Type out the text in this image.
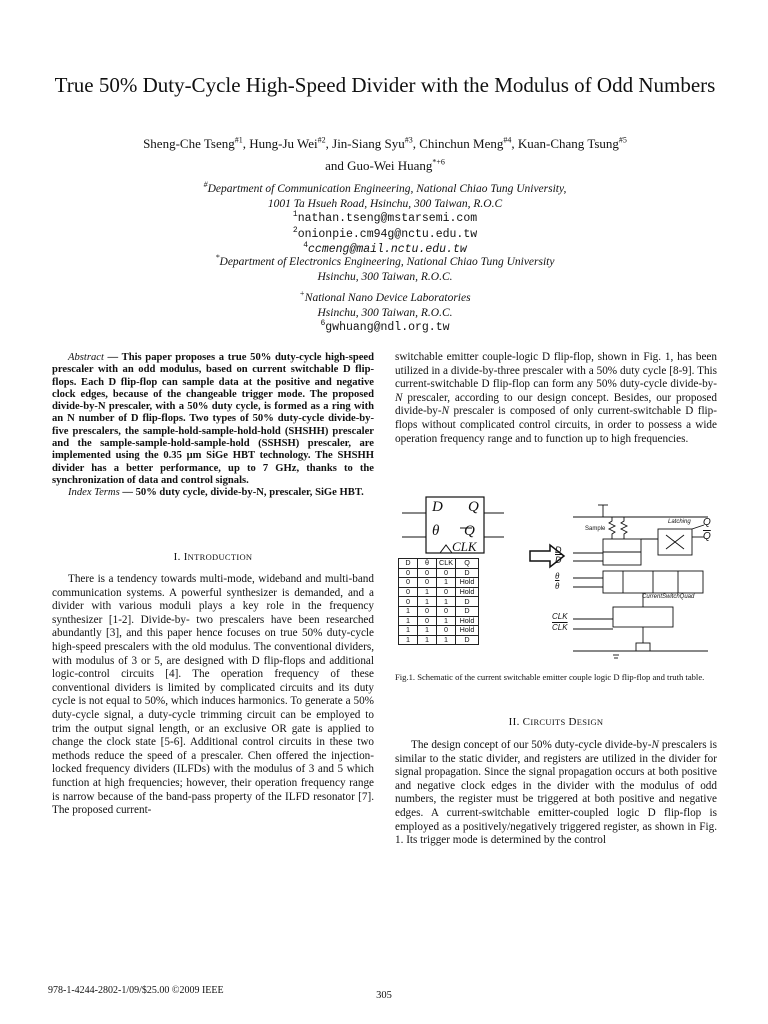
True 50% Duty-Cycle High-Speed Divider with the Modulus of Odd Numbers
Sheng-Che Tseng$^{\#1}$, Hung-Ju Wei$^{\#2}$, Jin-Siang Syu$^{\#3}$, Chinchun Meng$^{\#4}$, Kuan-Chang Tsung$^{\#5}$
and Guo-Wei Huang$^{*+6}$
#Department of Communication Engineering, National Chiao Tung University,
1001 Ta Hsueh Road, Hsinchu, 300 Taiwan, R.O.C
$^1$nathan.tseng@mstarsemi.com
$^2$onionpie.cm94g@nctu.edu.tw
$^4$ccmeng@mail.nctu.edu.tw
*Department of Electronics Engineering, National Chiao Tung University
Hsinchu, 300 Taiwan, R.O.C.
+National Nano Device Laboratories
Hsinchu, 300 Taiwan, R.O.C.
$^6$gwhuang@ndl.org.tw
Abstract — This paper proposes a true 50% duty-cycle high-speed prescaler with an odd modulus, based on current switchable D flip-flops. Each D flip-flop can sample data at the positive and negative clock edges, because of the changeable trigger mode. The proposed divide-by-N prescaler, with a 50% duty cycle, is formed as a ring with an N number of D flip-flops. Two types of 50% duty-cycle divide-by-five prescalers, the sample-hold-sample-hold-hold (SHSHH) prescaler and the sample-sample-hold-sample-hold (SSHSH) prescaler, are implemented using the 0.35 μm SiGe HBT technology. The SHSHH divider has a better performance, up to 7 GHz, thanks to the synchronization of data and control signals.
Index Terms — 50% duty cycle, divide-by-N, prescaler, SiGe HBT.
I. INTRODUCTION
There is a tendency towards multi-mode, wideband and multi-band communication systems. A powerful synthesizer is demanded, and a divider with various moduli plays a key role in the frequency synthesizer [1-2]. Divide-by- two prescalers have been researched abundantly [3], and this paper hence focuses on true 50% duty-cycle high-speed prescalers with the old modulus. The conventional dividers, with modulus of 3 or 5, are designed with D flip-flops and additional logic-control circuits [4]. The operation frequency of these conventional dividers is limited by complicated circuits and its duty cycle is not equal to 50%, which induces harmonics. To generate a 50% duty-cycle signal, a duty-cycle trimming circuit can be employed to trim the output signal length, or an exclusive OR gate is applied to change the clock state [5-6]. Additional control circuits in these two methods reduce the speed of a prescaler. Chen offered the injection-locked frequency dividers (ILFDs) with the modulus of 3 and 5 which function at high frequencies; however, their operation frequency range is narrow because of the band-pass property of the ILFD resonator [7]. The proposed current-
switchable emitter couple-logic D flip-flop, shown in Fig. 1, has been utilized in a divide-by-three prescaler with a 50% duty cycle [8-9]. This current-switchable D flip-flop can form any 50% duty-cycle divide-by-N prescaler, according to our design concept. Besides, our proposed divide-by-N prescaler is composed of only current-switchable D flip-flops without complicated control circuits, in order to possess a wide operation frequency range and to function up to high frequencies.
D Q
θ Q
CLK
D	θ	CLK	Q
0	0	0	D
0	0	1	Hold
0	1	0	Hold
0	1	1	D
1	0	0	D
1	0	1	Hold
1	1	0	Hold
1	1	1	D
Sample
Latching Q
$\overline{Q}$
D
$\overline{D}$
θ
$\overline{\theta}$
CurrentSwitchQuad
CLK
$\overline{CLK}$
Fig.1. Schematic of the current switchable emitter couple logic D flip-flop and truth table.
II. CIRCUITS DESIGN
The design concept of our 50% duty-cycle divide-by-N prescalers is similar to the static divider, and registers are utilized in the divider for signal propagation. Since the signal propagation occurs at both positive and negative clock edges in the divider with the modulus of odd numbers, the register must be triggered at both positive and negative edges. A current-switchable emitter-coupled logic D flip-flop is employed as a positively/negatively triggered register, as shown in Fig. 1. Its trigger mode is determined by the control
978-1-4244-2802-1/09/$25.00 ©2009 IEEE	305
